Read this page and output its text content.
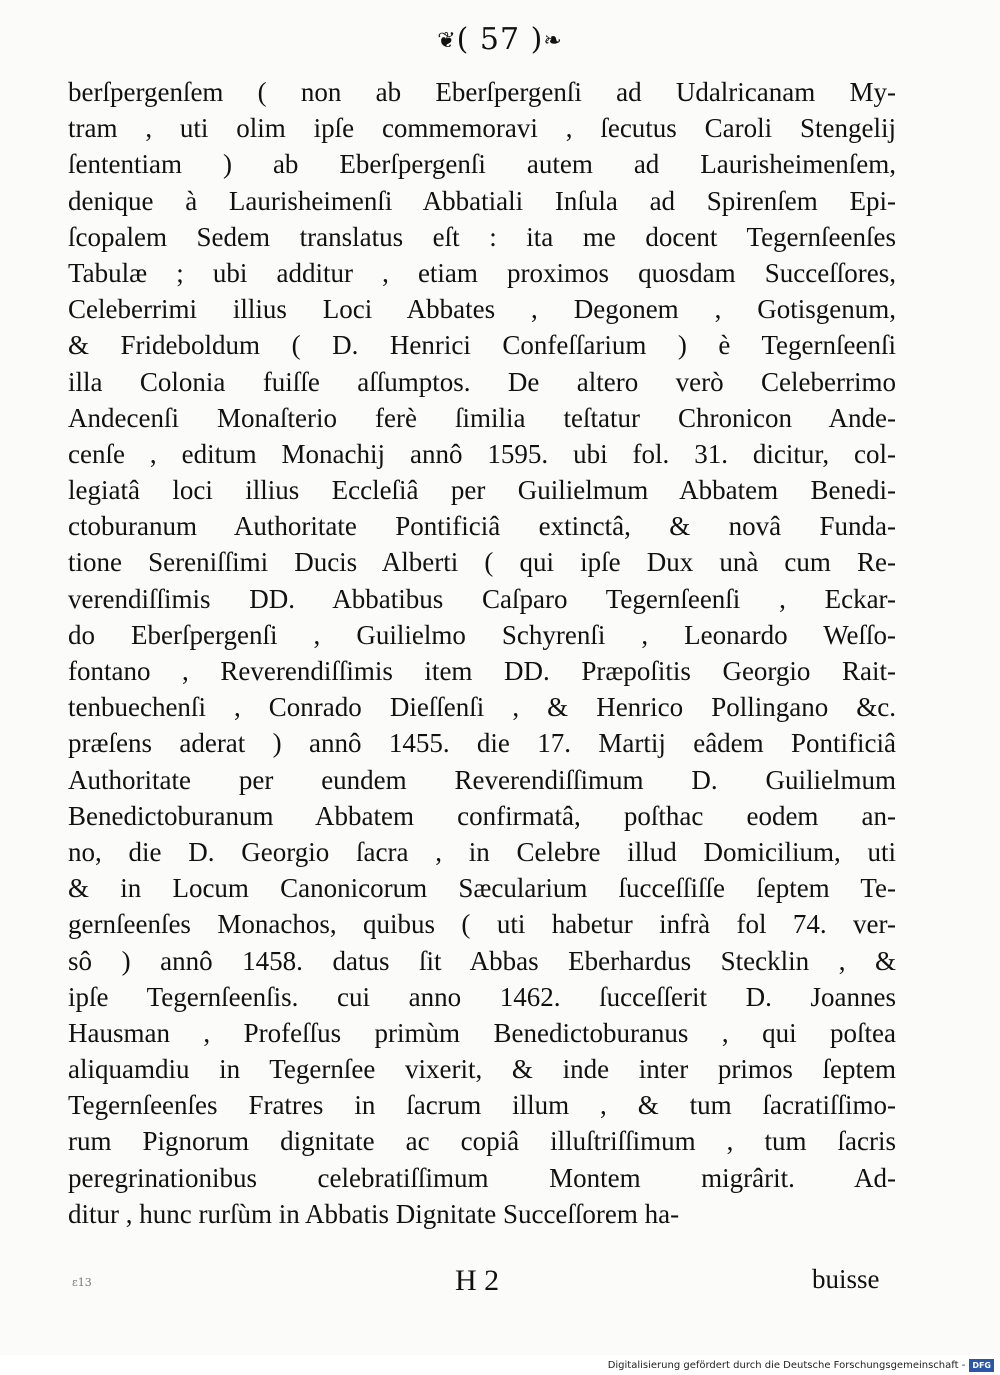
❦( 57 )❧
berſpergenſem ( non ab Eberſpergenſi ad Udalricanam My-
tram , uti olim ipſe commemoravi , ſecutus Caroli Stengelij
ſententiam ) ab Eberſpergenſi autem ad Laurisheimenſem,
denique à Laurisheimenſi Abbatiali Inſula ad Spirenſem Epi-
ſcopalem Sedem translatus eſt : ita me docent Tegernſeenſes
Tabulæ ; ubi additur , etiam proximos quosdam Succeſſores,
Celeberrimi illius Loci Abbates , Degonem , Gotisgenum,
& Frideboldum ( D. Henrici Confeſſarium ) è Tegernſeenſi
illa Colonia fuiſſe aſſumptos. De altero verò Celeberrimo
Andecenſi Monaſterio ferè ſimilia teſtatur Chronicon Ande-
cenſe , editum Monachij annô 1595. ubi fol. 31. dicitur, col-
legiatâ loci illius Eccleſiâ per Guilielmum Abbatem Benedi-
ctoburanum Authoritate Pontificiâ extinctâ, & novâ Funda-
tione Sereniſſimi Ducis Alberti ( qui ipſe Dux unà cum Re-
verendiſſimis DD. Abbatibus Caſparo Tegernſeenſi , Eckar-
do Eberſpergenſi , Guilielmo Schyrenſi , Leonardo Weſſo-
fontano , Reverendiſſimis item DD. Præpoſitis Georgio Rait-
tenbuechenſi , Conrado Dieſſenſi , & Henrico Pollingano &c.
præſens aderat ) annô 1455. die 17. Martij eâdem Pontificiâ
Authoritate per eundem Reverendiſſimum D. Guilielmum
Benedictoburanum Abbatem confirmatâ, poſthac eodem an-
no, die D. Georgio ſacra , in Celebre illud Domicilium, uti
& in Locum Canonicorum Sæcularium ſucceſſiſſe ſeptem Te-
gernſeenſes Monachos, quibus ( uti habetur infrà fol 74. ver-
sô ) annô 1458. datus ſit Abbas Eberhardus Stecklin , &
ipſe Tegernſeenſis. cui anno 1462. ſucceſſerit D. Joannes
Hausman , Profeſſus primùm Benedictoburanus , qui poſtea
aliquamdiu in Tegernſee vixerit, & inde inter primos ſeptem
Tegernſeenſes Fratres in ſacrum illum , & tum ſacratiſſimo-
rum Pignorum dignitate ac copiâ illuſtriſſimum , tum ſacris
peregrinationibus celebratiſſimum Montem migrârit. Ad-
ditur , hunc rurſùm in Abbatis Dignitate Succeſſorem ha-
ε13	H 2	buisse
Digitalisierung gefördert durch die Deutsche Forschungsgemeinschaft - DFG
